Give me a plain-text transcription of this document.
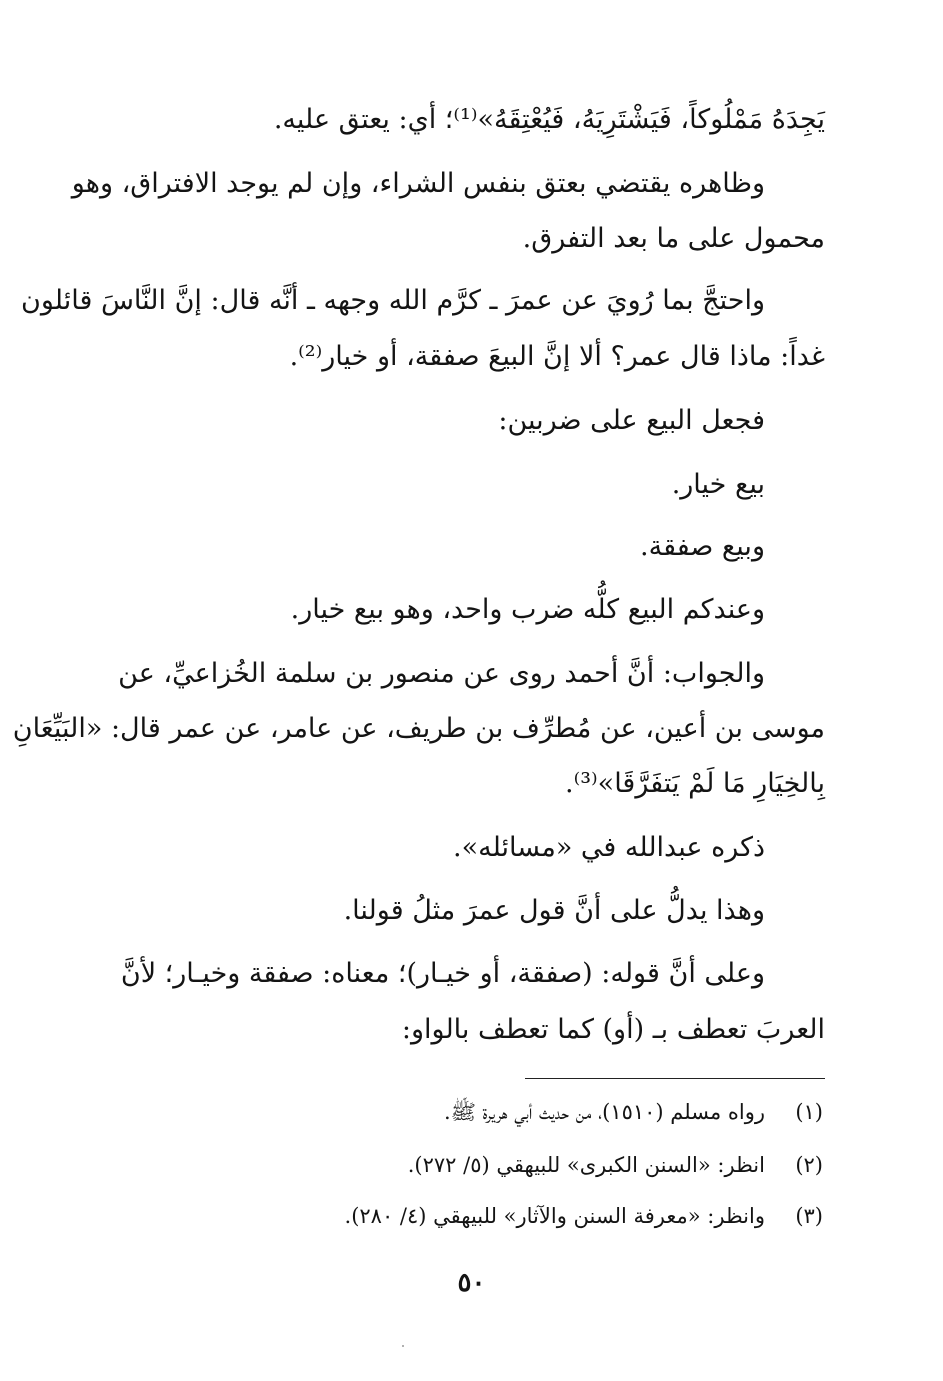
يَجِدَهُ مَمْلُوكاً، فَيَشْتَرِيَهُ، فَيُعْتِقَهُ»⁽¹⁾؛ أي: يعتق عليه.
وظاهره يقتضي بعتق بنفس الشراء، وإن لم يوجد الافتراق، وهو
محمول على ما بعد التفرق.
واحتجَّ بما رُويَ عن عمرَ ـ كرَّم الله وجهه ـ أنَّه قال: إنَّ النَّاسَ قائلون
غداً: ماذا قال عمر؟ ألا إنَّ البيعَ صفقة، أو خيار⁽²⁾.
فجعل البيع على ضربين:
بيع خيار.
وبيع صفقة.
وعندكم البيع كلُّه ضرب واحد، وهو بيع خيار.
والجواب: أنَّ أحمد روى عن منصور بن سلمة الخُزاعيِّ، عن
موسى بن أعين، عن مُطرِّف بن طريف، عن عامر، عن عمر قال: «البَيِّعَانِ
بِالخِيَارِ مَا لَمْ يَتفَرَّقَا»⁽³⁾.
ذكره عبدالله في «مسائله».
وهذا يدلُّ على أنَّ قول عمرَ مثلُ قولنا.
وعلى أنَّ قوله: (صفقة، أو خيـار)؛ معناه: صفقة وخيـار؛ لأنَّ
العربَ تعطف بـ (أو) كما تعطف بالواو:
(١)رواه مسلم (١٥١٠)، من حديث أبي هريرة ﷺ.
(٢)انظر: «السنن الكبرى» للبيهقي (٥/ ٢٧٢).
(٣)وانظر: «معرفة السنن والآثار» للبيهقي (٤/ ٢٨٠).
٥٠
